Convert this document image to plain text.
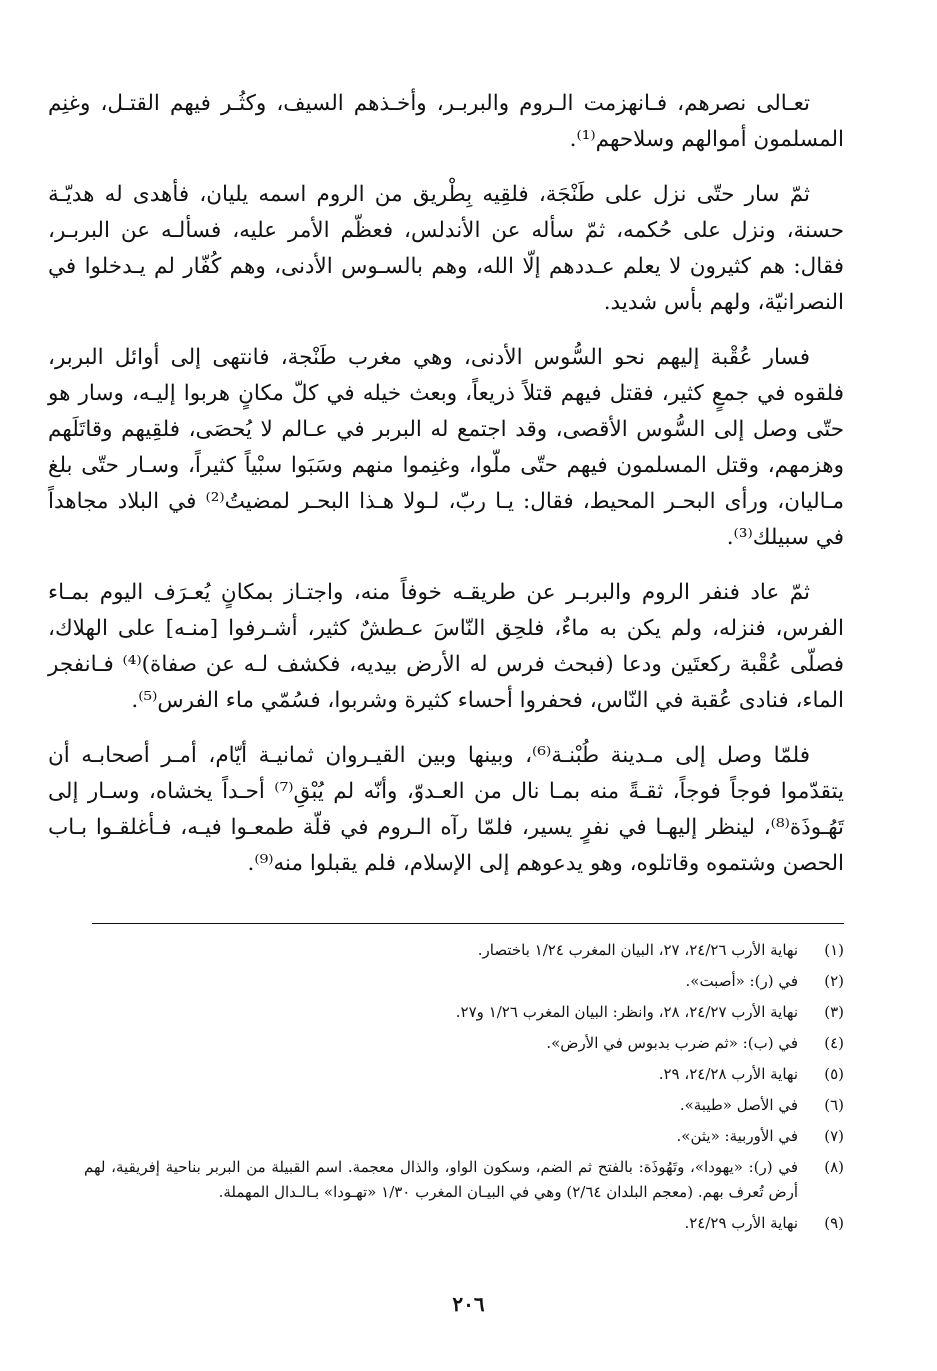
تعـالى نصرهم، فـانهزمت الـروم والبربـر، وأخـذهم السيف، وكثُـر فيهم القتـل، وغنِم المسلمون أموالهم وسلاحهم⁽¹⁾.

ثمّ سار حتّى نزل على طَنْجَة، فلقِيه بِطْريق من الروم اسمه يليان، فأهدى له هديّـة حسنة، ونزل على حُكمه، ثمّ سأله عن الأندلس، فعظّم الأمر عليه، فسألـه عن البربـر، فقال: هم كثيرون لا يعلم عـددهم إلّا الله، وهم بالسـوس الأدنى، وهم كُفّار لم يـدخلوا في النصرانيّة، ولهم بأس شديد.

فسار عُقْبة إليهم نحو السُّوس الأدنى، وهي مغرب طَنْجة، فانتهى إلى أوائل البربر، فلقوه في جمعٍ كثير، فقتل فيهم قتلاً ذريعاً، وبعث خيله في كلّ مكانٍ هربوا إليـه، وسار هو حتّى وصل إلى السُّوس الأقصى، وقد اجتمع له البربر في عـالم لا يُحصَى، فلقِيهم وقاتَلَهم وهزمهم، وقتل المسلمون فيهم حتّى ملّوا، وغنِموا منهم وسَبَوا سبْياً كثيراً، وسـار حتّى بلغ مـاليان، ورأى البحـر المحيط، فقال: يـا ربّ، لـولا هـذا البحـر لمضيتُ⁽²⁾ في البلاد مجاهداً في سبيلك⁽³⁾.

ثمّ عاد فنفر الروم والبربـر عن طريقـه خوفاً منه، واجتـاز بمكانٍ يُعـرَف اليوم بمـاء الفرس، فنزله، ولم يكن به ماءٌ، فلحِق النّاسَ عـطشٌ كثير، أشـرفوا [منـه] على الهلاك، فصلّى عُقْبة ركعتَين ودعا (فبحث فرس له الأرض بيديه، فكشف لـه عن صفاة)⁽⁴⁾ فـانفجر الماء، فنادى عُقبة في النّاس، فحفروا أحساء كثيرة وشربوا، فسُمّي ماء الفرس⁽⁵⁾.

فلمّا وصل إلى مـدينة طُبْنـة⁽⁶⁾، وبينها وبين القيـروان ثمانيـة أيّام، أمـر أصحابـه أن يتقدّموا فوجاً فوجاً، ثقـةً منه بمـا نال من العـدوّ، وأنّه لم يُبْقِ⁽⁷⁾ أحـداً يخشاه، وسـار إلى تَهُـوذَة⁽⁸⁾، لينظر إليهـا في نفرٍ يسير، فلمّا رآه الـروم في قلّة طمعـوا فيـه، فـأغلقـوا بـاب الحصن وشتموه وقاتلوه، وهو يدعوهم إلى الإسلام، فلم يقبلوا منه⁽⁹⁾.

(١)
نهاية الأرب ٢٤/٢٦، ٢٧، البيان المغرب ١/٢٤ باختصار.
(٢)
في (ر): «أصبت».
(٣)
نهاية الأرب ٢٤/٢٧، ٢٨، وانظر: البيان المغرب ١/٢٦ و٢٧.
(٤)
في (ب): «ثم ضرب بدبوس في الأرض».
(٥)
نهاية الأرب ٢٤/٢٨، ٢٩.
(٦)
في الأصل «طيبة».
(٧)
في الأوربية: «يثن».
(٨)
في (ر): «يهودا»، وتَهُوذَة: بالفتح ثم الضم، وسكون الواو، والذال معجمة. اسم القبيلة من البربر بناحية إفريقية، لهم أرض تُعرف بهم. (معجم البلدان ٢/٦٤) وهي في البيـان المغرب ١/٣٠ «تهـودا» بـالـدال المهملة.
(٩)
نهاية الأرب ٢٤/٢٩.
٢٠٦
